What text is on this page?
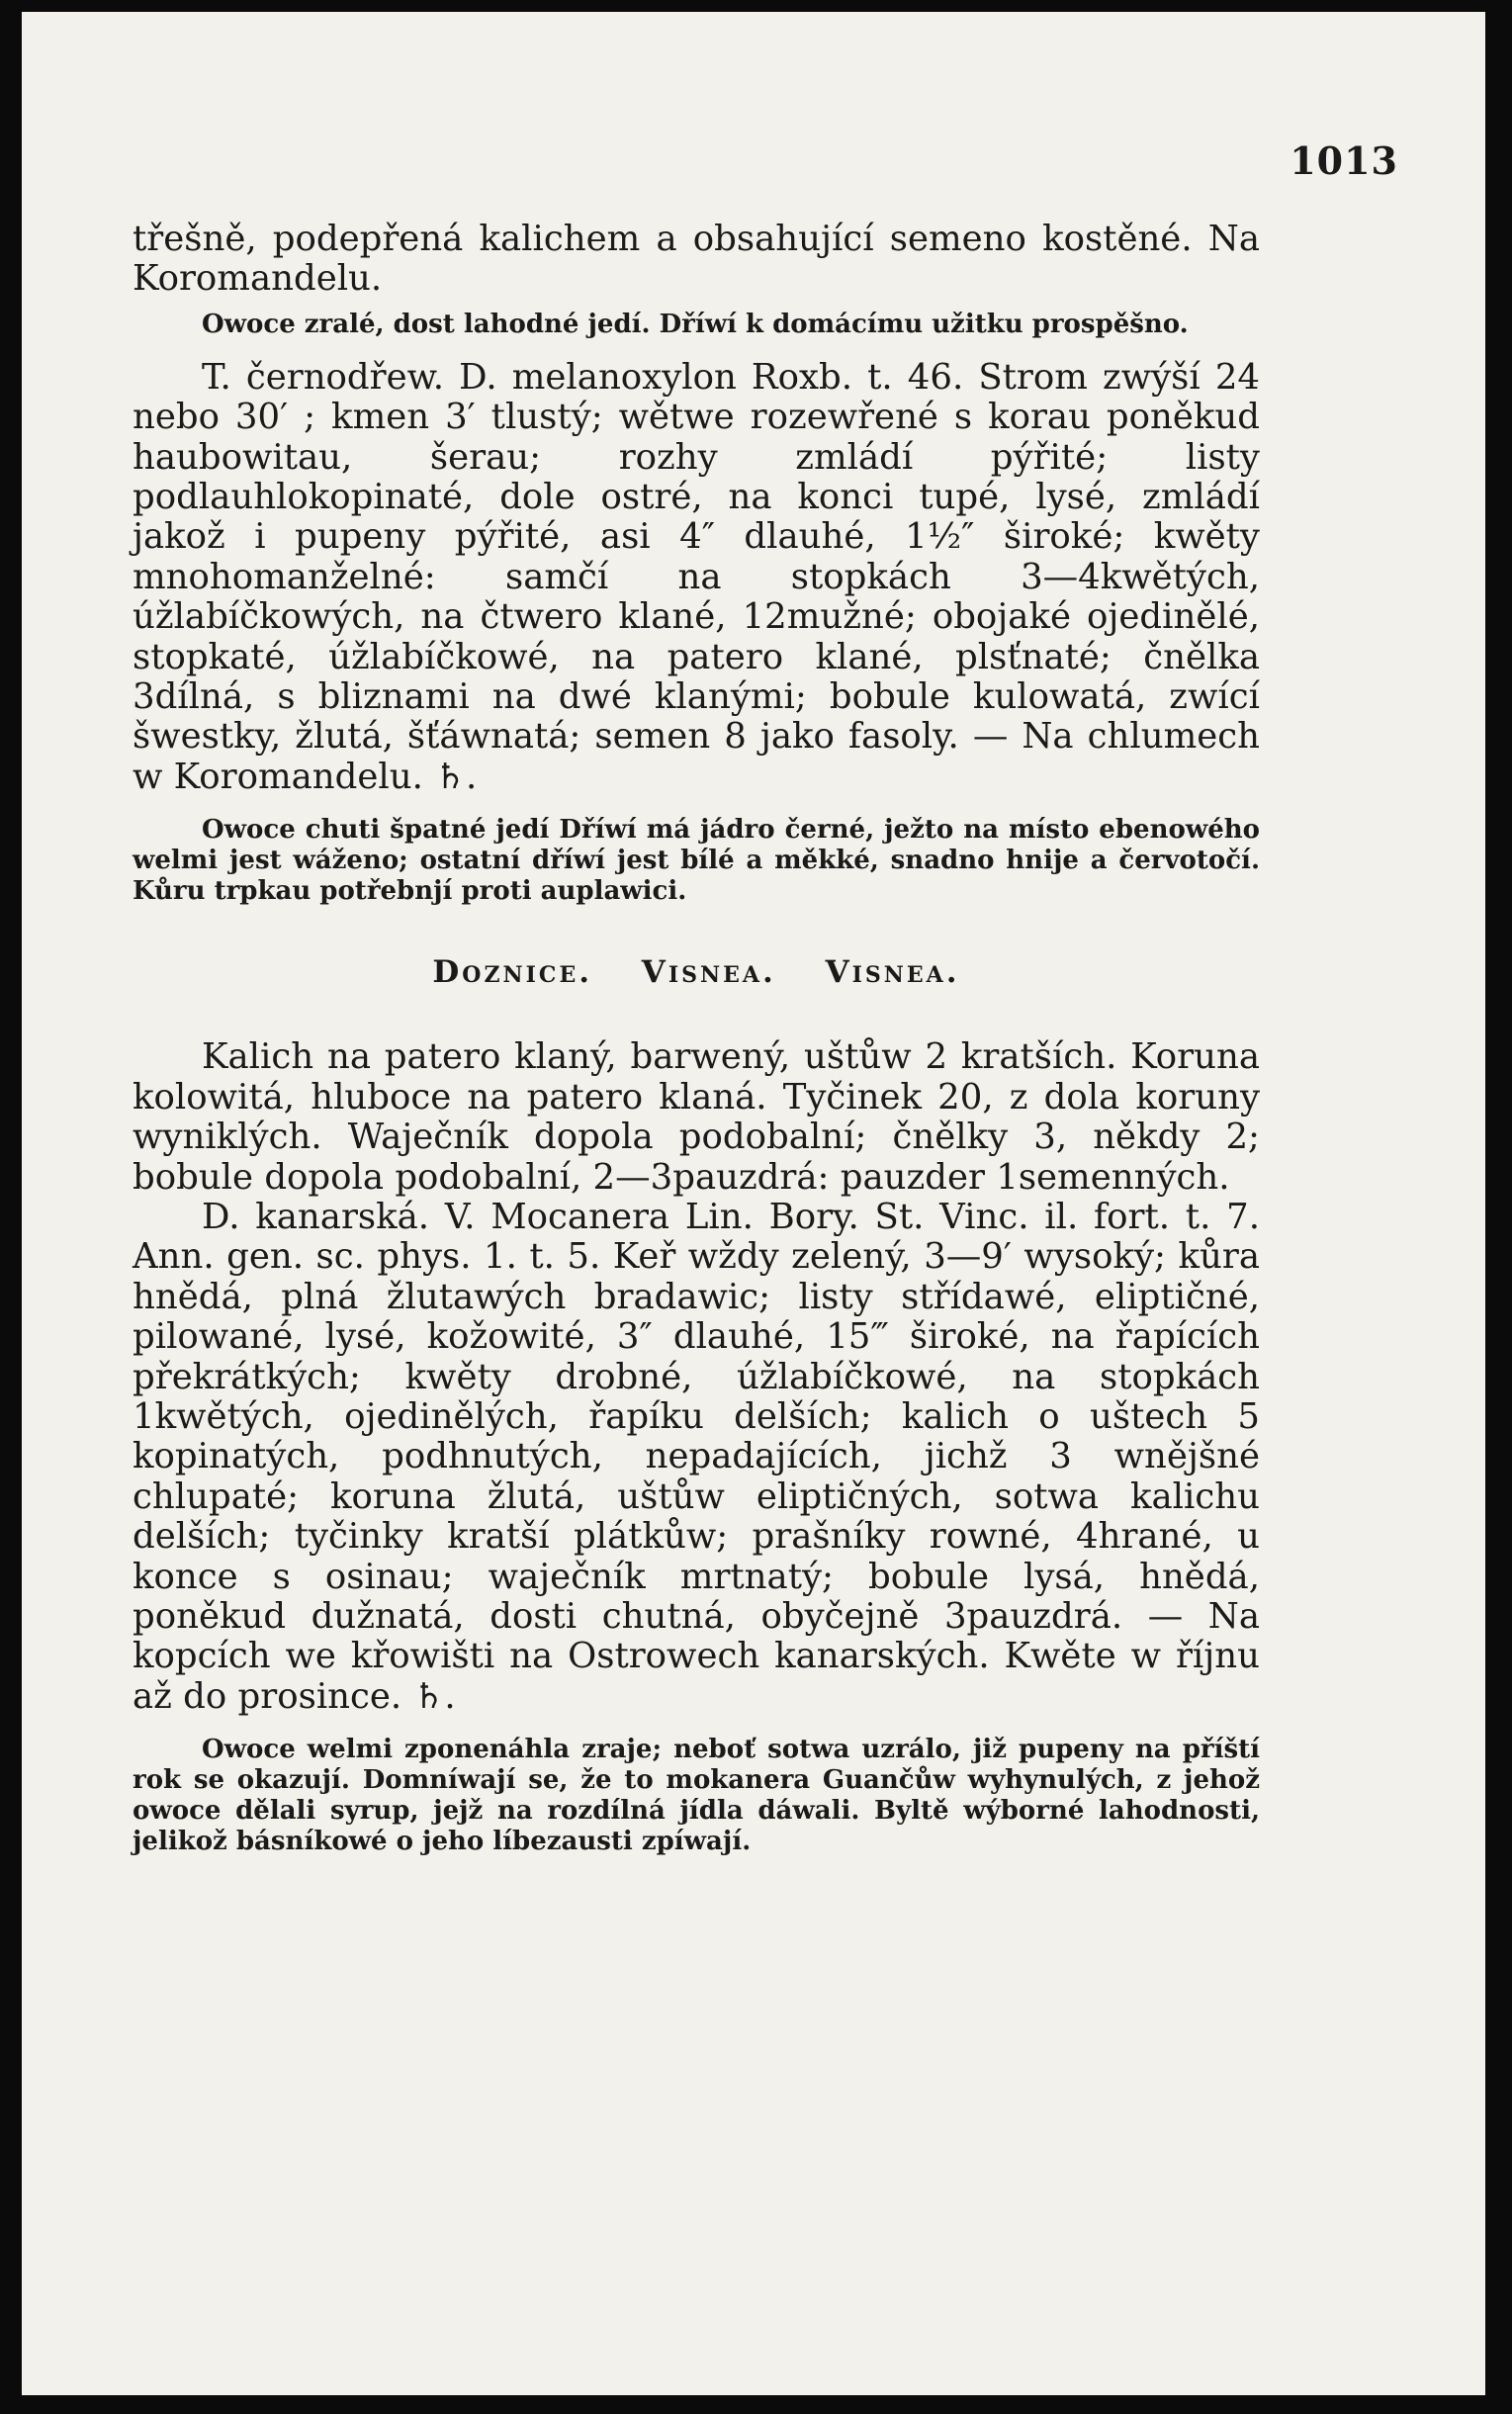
1013

třešně, podepřená kalichem a obsahující semeno kostěné. Na Koromandelu.

Owoce zralé, dost lahodné jedí. Dříwí k domácímu užitku prospěšno.

T. černodřew. D. melanoxylon Roxb. t. 46. Strom zwýší 24 nebo 30′ ; kmen 3′ tlustý; wětwe rozewřené s korau poněkud haubowitau, šerau; rozhy zmládí pýřité; listy podlauhlokopinaté, dole ostré, na konci tupé, lysé, zmládí jakož i pupeny pýřité, asi 4″ dlauhé, 1½″ široké; kwěty mnohomanželné: samčí na stopkách 3—4kwětých, úžlabíčkowých, na čtwero klané, 12mužné; obojaké ojedinělé, stopkaté, úžlabíčkowé, na patero klané, plsťnaté; čnělka 3dílná, s bliznami na dwé klanými; bobule kulowatá, zwící šwestky, žlutá, šťáwnatá; semen 8 jako fasoly. — Na chlumech w Koromandelu. ♄.

Owoce chuti špatné jedí Dříwí má jádro černé, ježto na místo ebenowého welmi jest wáženo; ostatní dříwí jest bílé a měkké, snadno hnije a červotočí. Kůru trpkau potřebnjí proti auplawici.

Doznice. Visnea. Visnea.

Kalich na patero klaný, barwený, uštůw 2 kratších. Koruna kolowitá, hluboce na patero klaná. Tyčinek 20, z dola koruny wyniklých. Waječník dopola podobalní; čnělky 3, někdy 2; bobule dopola podobalní, 2—3pauzdrá: pauzder 1semenných.

D. kanarská. V. Mocanera Lin. Bory. St. Vinc. il. fort. t. 7. Ann. gen. sc. phys. 1. t. 5. Keř wždy zelený, 3—9′ wysoký; kůra hnědá, plná žlutawých bradawic; listy střídawé, eliptičné, pilowané, lysé, kožowité, 3″ dlauhé, 15‴ široké, na řapících překrátkých; kwěty drobné, úžlabíčkowé, na stopkách 1kwětých, ojedinělých, řapíku delších; kalich o uštech 5 kopinatých, podhnutých, nepadajících, jichž 3 wnějšné chlupaté; koruna žlutá, uštůw eliptičných, sotwa kalichu delších; tyčinky kratší plátkůw; prašníky rowné, 4hrané, u konce s osinau; waječník mrtnatý; bobule lysá, hnědá, poněkud dužnatá, dosti chutná, obyčejně 3pauzdrá. — Na kopcích we křowišti na Ostrowech kanarských. Kwěte w říjnu až do prosince. ♄.

Owoce welmi zponenáhla zraje; neboť sotwa uzrálo, již pupeny na příští rok se okazují. Domníwají se, že to mokanera Guančůw wyhynulých, z jehož owoce dělali syrup, jejž na rozdílná jídla dáwali. Byltě wýborné lahodnosti, jelikož básníkowé o jeho líbezausti zpíwají.
